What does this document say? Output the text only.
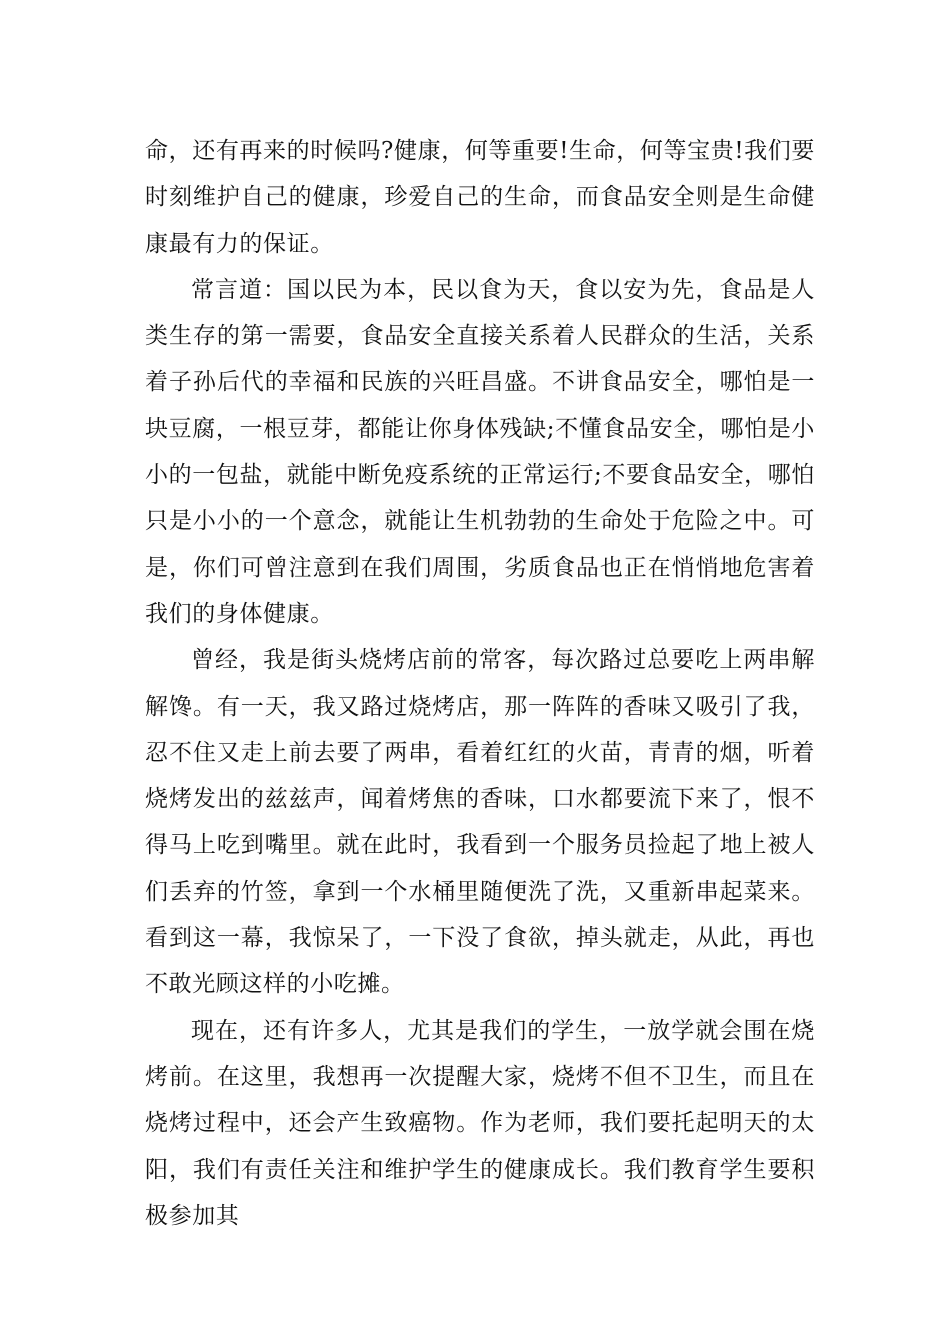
命，还有再来的时候吗?健康，何等重要!生命，何等宝贵!我们要时刻维护自己的健康，珍爱自己的生命，而食品安全则是生命健康最有力的保证。

常言道：国以民为本，民以食为天，食以安为先，食品是人类生存的第一需要，食品安全直接关系着人民群众的生活，关系着子孙后代的幸福和民族的兴旺昌盛。不讲食品安全，哪怕是一块豆腐，一根豆芽，都能让你身体残缺;不懂食品安全，哪怕是小小的一包盐，就能中断免疫系统的正常运行;不要食品安全，哪怕只是小小的一个意念，就能让生机勃勃的生命处于危险之中。可是，你们可曾注意到在我们周围，劣质食品也正在悄悄地危害着我们的身体健康。

曾经，我是街头烧烤店前的常客，每次路过总要吃上两串解解馋。有一天，我又路过烧烤店，那一阵阵的香味又吸引了我，忍不住又走上前去要了两串，看着红红的火苗，青青的烟，听着烧烤发出的兹兹声，闻着烤焦的香味，口水都要流下来了，恨不得马上吃到嘴里。就在此时，我看到一个服务员捡起了地上被人们丢弃的竹签，拿到一个水桶里随便洗了洗，又重新串起菜来。看到这一幕，我惊呆了，一下没了食欲，掉头就走，从此，再也不敢光顾这样的小吃摊。

现在，还有许多人，尤其是我们的学生，一放学就会围在烧烤前。在这里，我想再一次提醒大家，烧烤不但不卫生，而且在烧烤过程中，还会产生致癌物。作为老师，我们要托起明天的太阳，我们有责任关注和维护学生的健康成长。我们教育学生要积极参加其
